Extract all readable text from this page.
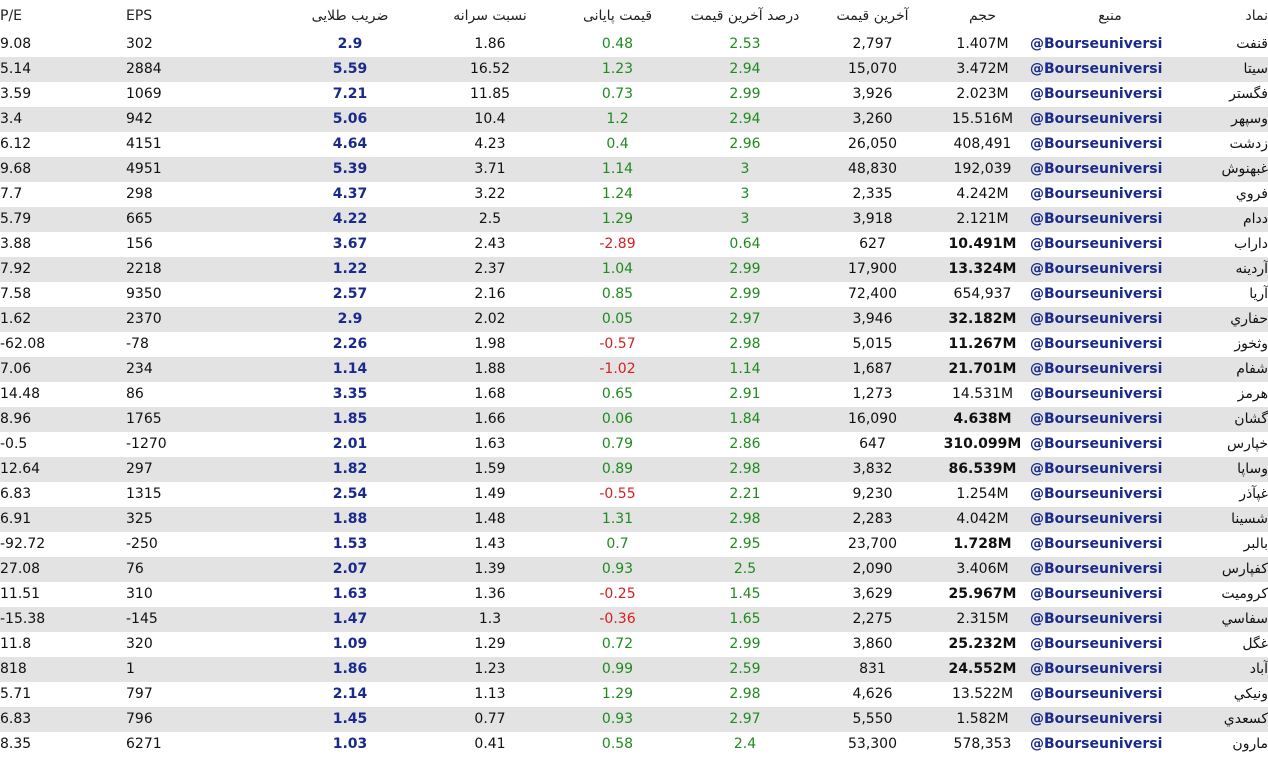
P/E EPS	ضریب طلایی	نسبت سرانه	قیمت پایانی	درصد آخرین قیمت	آخرین قیمت	حجم	منبع	نماد
9.08 302	2.9	1.86	0.48	2.53	2,797	1.407M	@Bourseuniversi	قنفت
5.14 2884	5.59	16.52	1.23	2.94	15,070	3.472M	@Bourseuniversi	سيتا
3.59 1069	7.21	11.85	0.73	2.99	3,926	2.023M	@Bourseuniversi	فگستر
3.4 942	5.06	10.4	1.2	2.94	3,260	15.516M	@Bourseuniversi	وسپهر
6.12 4151	4.64	4.23	0.4	2.96	26,050	408,491	@Bourseuniversi	زدشت
9.68 4951	5.39	3.71	1.14	3	48,830	192,039	@Bourseuniversi	غبهنوش
7.7 298	4.37	3.22	1.24	3	2,335	4.242M	@Bourseuniversi	فروي
5.79 665	4.22	2.5	1.29	3	3,918	2.121M	@Bourseuniversi	ددام
3.88 156	3.67	2.43	-2.89	0.64	627	10.491M	@Bourseuniversi	داراب
7.92 2218	1.22	2.37	1.04	2.99	17,900	13.324M	@Bourseuniversi	آردينه
7.58 9350	2.57	2.16	0.85	2.99	72,400	654,937	@Bourseuniversi	آريا
1.62 2370	2.9	2.02	0.05	2.97	3,946	32.182M	@Bourseuniversi	حفاري
-62.08 -78	2.26	1.98	-0.57	2.98	5,015	11.267M	@Bourseuniversi	وثخوز
7.06 234	1.14	1.88	-1.02	1.14	1,687	21.701M	@Bourseuniversi	شفام
14.48 86	3.35	1.68	0.65	2.91	1,273	14.531M	@Bourseuniversi	هرمز
8.96 1765	1.85	1.66	0.06	1.84	16,090	4.638M	@Bourseuniversi	گشان
-0.5 -1270	2.01	1.63	0.79	2.86	647	310.099M	@Bourseuniversi	خپارس
12.64 297	1.82	1.59	0.89	2.98	3,832	86.539M	@Bourseuniversi	وساپا
6.83 1315	2.54	1.49	-0.55	2.21	9,230	1.254M	@Bourseuniversi	غپآذر
6.91 325	1.88	1.48	1.31	2.98	2,283	4.042M	@Bourseuniversi	شسينا
-92.72 -250	1.53	1.43	0.7	2.95	23,700	1.728M	@Bourseuniversi	بالبر
27.08 76	2.07	1.39	0.93	2.5	2,090	3.406M	@Bourseuniversi	كفپارس
11.51 310	1.63	1.36	-0.25	1.45	3,629	25.967M	@Bourseuniversi	كروميت
-15.38 -145	1.47	1.3	-0.36	1.65	2,275	2.315M	@Bourseuniversi	سفاسي
11.8 320	1.09	1.29	0.72	2.99	3,860	25.232M	@Bourseuniversi	غگل
818 1	1.86	1.23	0.99	2.59	831	24.552M	@Bourseuniversi	آباد
5.71 797	2.14	1.13	1.29	2.98	4,626	13.522M	@Bourseuniversi	ونيكي
6.83 796	1.45	0.77	0.93	2.97	5,550	1.582M	@Bourseuniversi	كسعدي
8.35 6271	1.03	0.41	0.58	2.4	53,300	578,353	@Bourseuniversi	مارون
